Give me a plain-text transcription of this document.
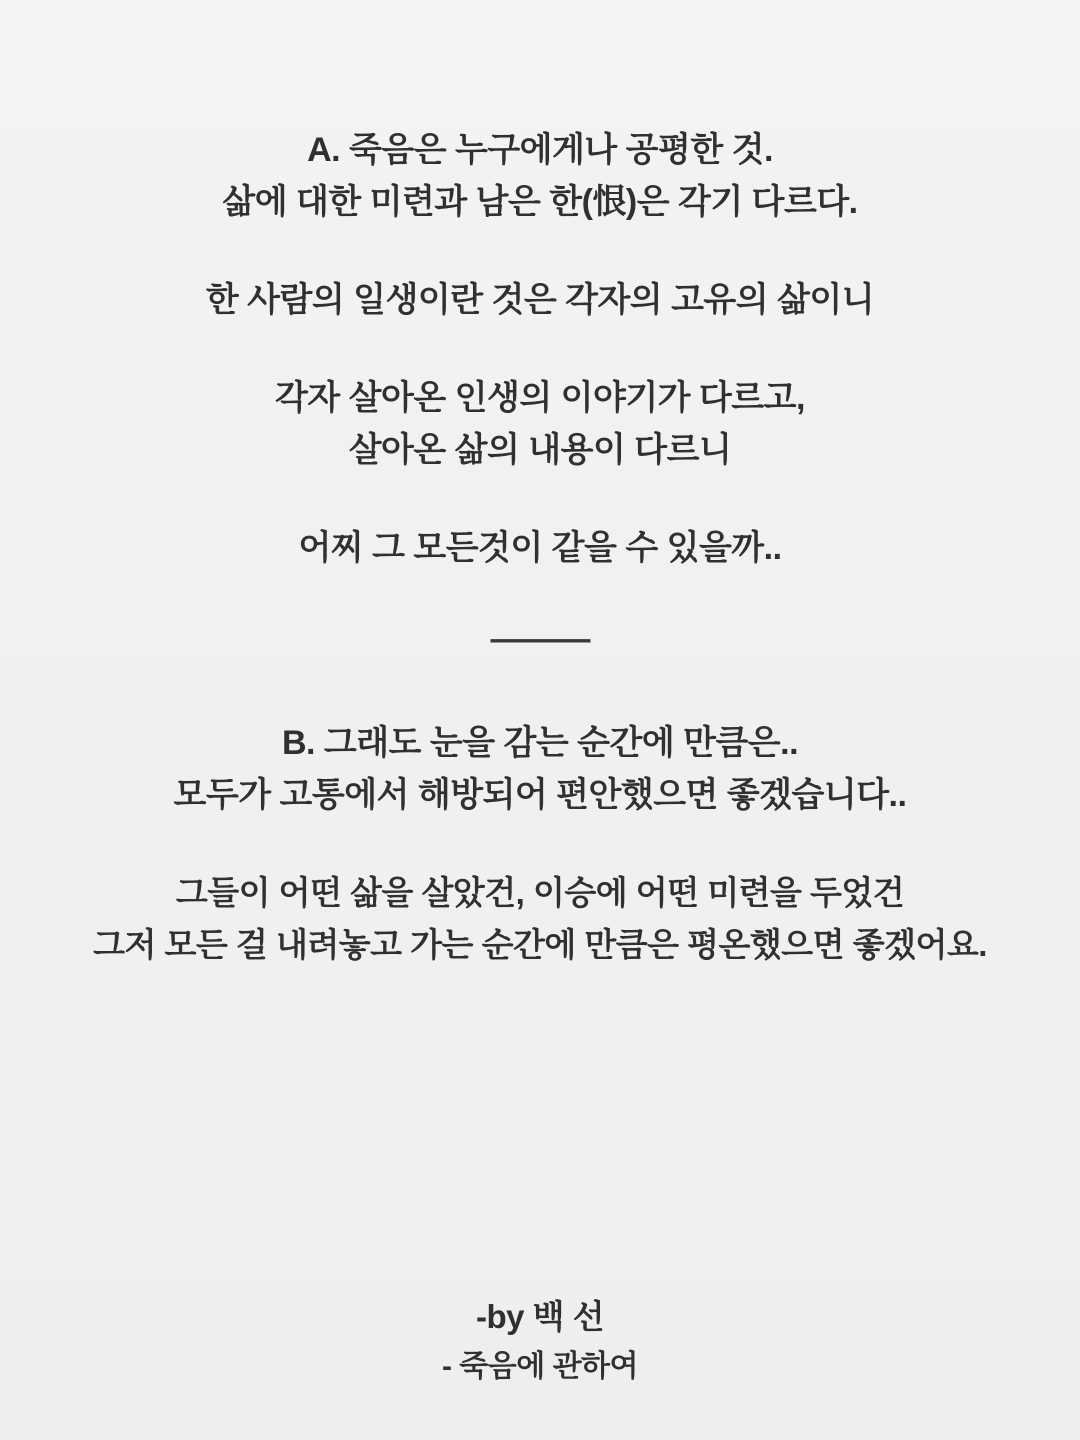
A. 죽음은 누구에게나 공평한 것.
삶에 대한 미련과 남은 한(恨)은 각기 다르다.
한 사람의 일생이란 것은 각자의 고유의 삶이니
각자 살아온 인생의 이야기가 다르고,
살아온 삶의 내용이 다르니
어찌 그 모든것이 같을 수 있을까..
———
B. 그래도 눈을 감는 순간에 만큼은..
모두가 고통에서 해방되어 편안했으면 좋겠습니다..
그들이 어떤 삶을 살았건, 이승에 어떤 미련을 두었건
그저 모든 걸 내려놓고 가는 순간에 만큼은 평온했으면 좋겠어요.
-by 백 선
- 죽음에 관하여
